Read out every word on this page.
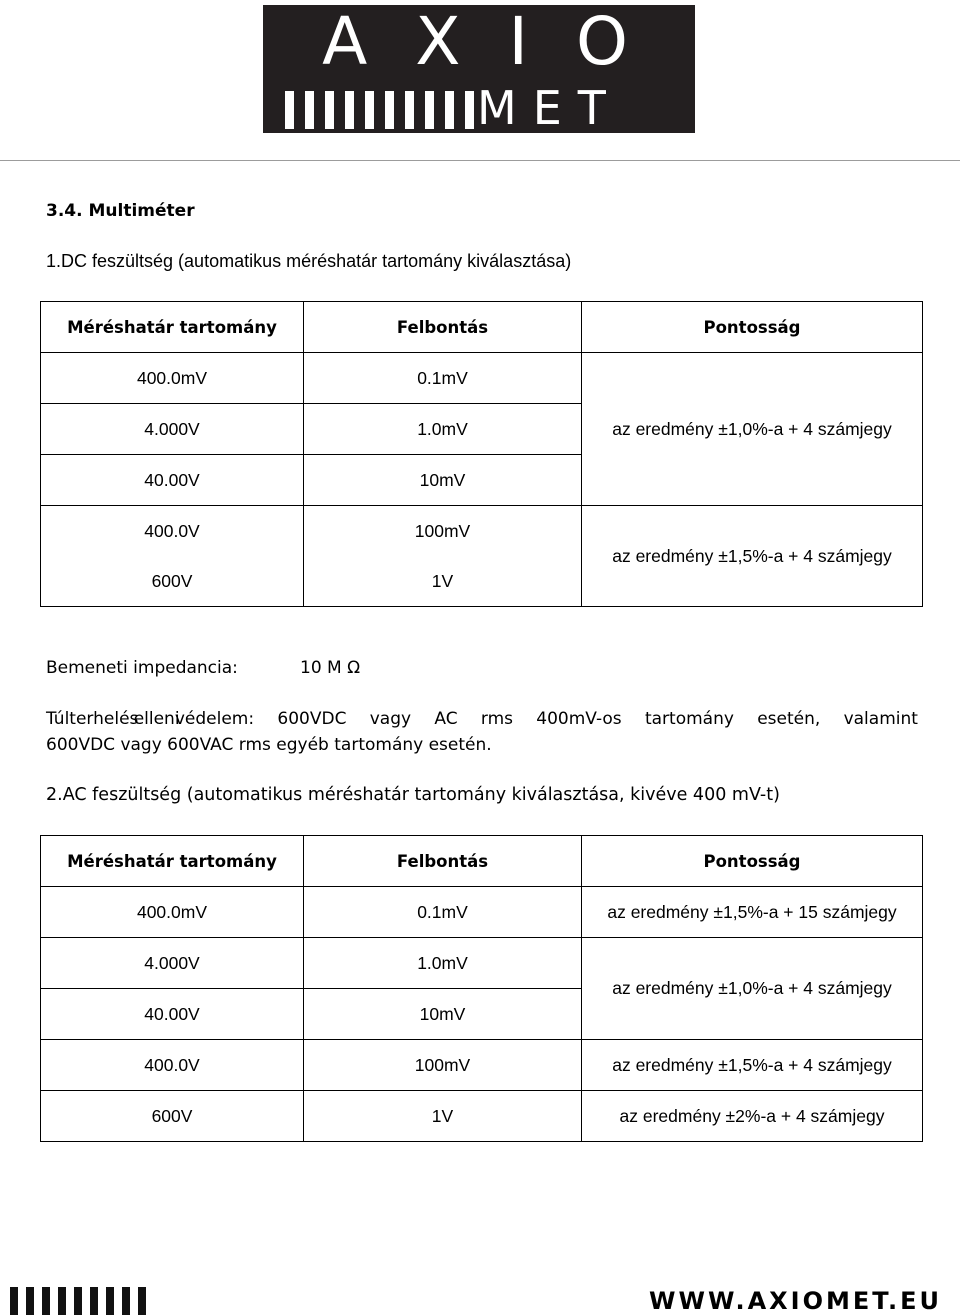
AXIO
MET
3.4. Multiméter
1.DC feszültség (automatikus méréshatár tartomány kiválasztása)
Méréshatár tartomány	Felbontás	Pontosság
400.0mV	0.1mV	az eredmény ±1,0%-a + 4 számjegy
4.000V	1.0mV	
40.00V	10mV	
400.0V	100mV	az eredmény ±1,5%-a + 4 számjegy
600V	1V	
Bemeneti impedancia:	10 M Ω
Túlterhelés
elleni
védelem: 600VDC vagy AC rms 400mV-os tartomány esetén, valamint
600VDC vagy 600VAC rms egyéb tartomány esetén.
2.AC feszültség (automatikus méréshatár tartomány kiválasztása, kivéve 400 mV-t)
Méréshatár tartomány	Felbontás	Pontosság
400.0mV	0.1mV	az eredmény ±1,5%-a + 15 számjegy
4.000V	1.0mV	az eredmény ±1,0%-a + 4 számjegy
40.00V	10mV	
400.0V	100mV	az eredmény ±1,5%-a + 4 számjegy
600V	1V	az eredmény ±2%-a + 4 számjegy
WWW.AXIOMET.EU
